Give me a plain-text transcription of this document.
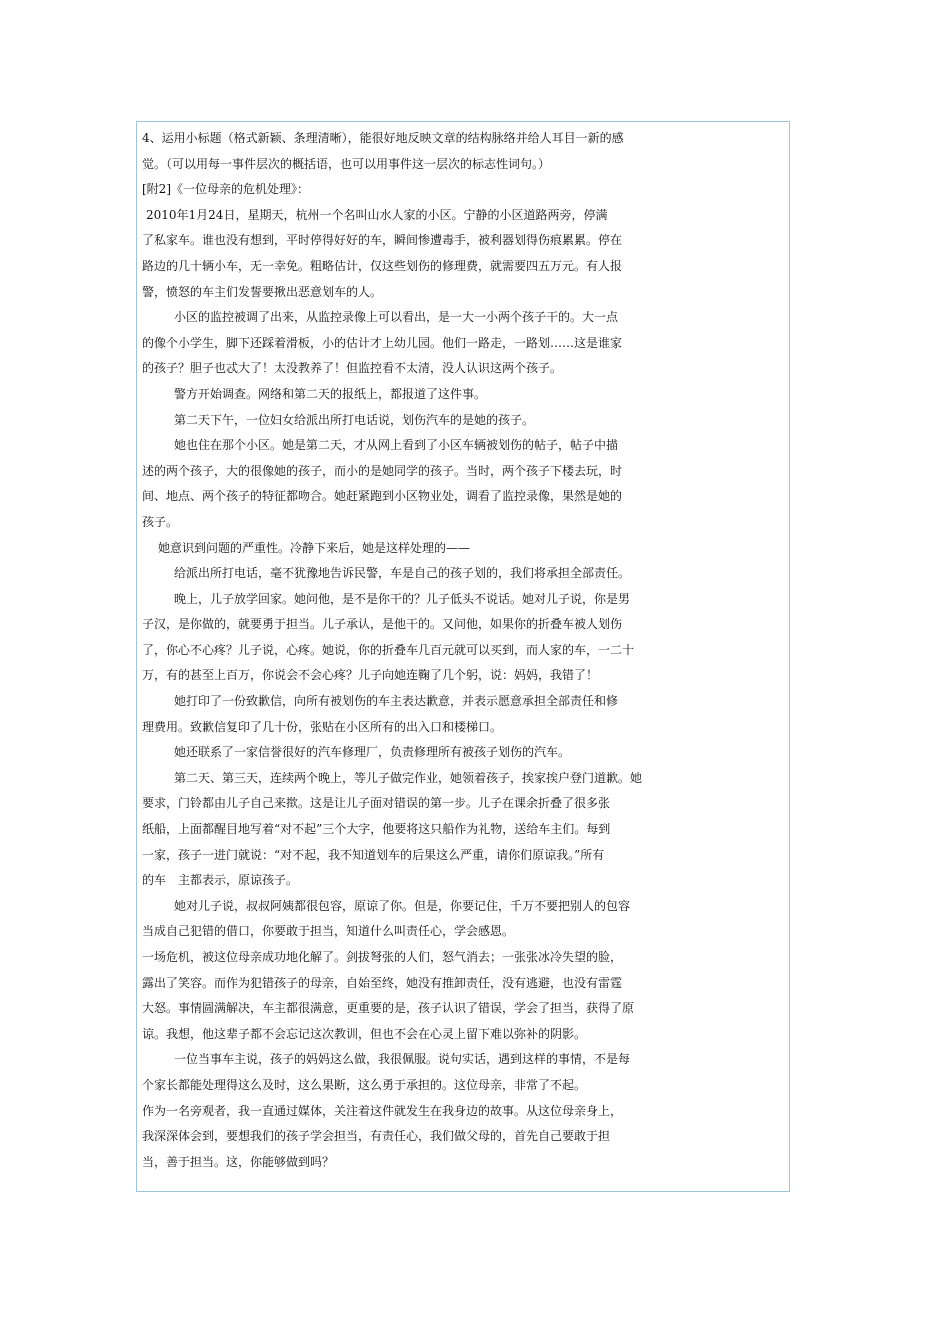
4、运用小标题（格式新颖、条理清晰），能很好地反映文章的结构脉络并给人耳目一新的感
觉。（可以用每一事件层次的概括语，也可以用事件这一层次的标志性词句。）
[附2]《一位母亲的危机处理》：
2010年1月24日，星期天，杭州一个名叫山水人家的小区。宁静的小区道路两旁，停满
了私家车。谁也没有想到，平时停得好好的车，瞬间惨遭毒手，被利器划得伤痕累累。停在
路边的几十辆小车，无一幸免。粗略估计，仅这些划伤的修理费，就需要四五万元。有人报
警，愤怒的车主们发誓要揪出恶意划车的人。
小区的监控被调了出来，从监控录像上可以看出，是一大一小两个孩子干的。大一点
的像个小学生，脚下还踩着滑板，小的估计才上幼儿园。他们一路走，一路划……这是谁家
的孩子？胆子也忒大了！太没教养了！但监控看不太清，没人认识这两个孩子。
警方开始调查。网络和第二天的报纸上，都报道了这件事。
第二天下午，一位妇女给派出所打电话说，划伤汽车的是她的孩子。
她也住在那个小区。她是第二天，才从网上看到了小区车辆被划伤的帖子，帖子中描
述的两个孩子，大的很像她的孩子，而小的是她同学的孩子。当时，两个孩子下楼去玩，时
间、地点、两个孩子的特征都吻合。她赶紧跑到小区物业处，调看了监控录像，果然是她的
孩子。
她意识到问题的严重性。冷静下来后，她是这样处理的——
给派出所打电话，毫不犹豫地告诉民警，车是自己的孩子划的，我们将承担全部责任。
晚上，儿子放学回家。她问他，是不是你干的？儿子低头不说话。她对儿子说，你是男
子汉，是你做的，就要勇于担当。儿子承认，是他干的。又问他，如果你的折叠车被人划伤
了，你心不心疼？儿子说，心疼。她说，你的折叠车几百元就可以买到，而人家的车，一二十
万，有的甚至上百万，你说会不会心疼？儿子向她连鞠了几个躬，说：妈妈，我错了！
她打印了一份致歉信，向所有被划伤的车主表达歉意，并表示愿意承担全部责任和修
理费用。致歉信复印了几十份，张贴在小区所有的出入口和楼梯口。
她还联系了一家信誉很好的汽车修理厂，负责修理所有被孩子划伤的汽车。
第二天、第三天，连续两个晚上，等儿子做完作业，她领着孩子，挨家挨户登门道歉。她
要求，门铃都由儿子自己来揿。这是让儿子面对错误的第一步。儿子在课余折叠了很多张
纸船，上面都醒目地写着“对不起”三个大字，他要将这只船作为礼物，送给车主们。每到
一家，孩子一进门就说：“对不起，我不知道划车的后果这么严重，请你们原谅我。”所有
的车　主都表示，原谅孩子。
她对儿子说，叔叔阿姨都很包容，原谅了你。但是，你要记住，千万不要把别人的包容
当成自己犯错的借口，你要敢于担当，知道什么叫责任心，学会感恩。
一场危机，被这位母亲成功地化解了。剑拔弩张的人们，怒气消去；一张张冰冷失望的脸，
露出了笑容。而作为犯错孩子的母亲，自始至终，她没有推卸责任，没有逃避，也没有雷霆
大怒。事情圆满解决，车主都很满意，更重要的是，孩子认识了错误，学会了担当，获得了原
谅。我想，他这辈子都不会忘记这次教训，但也不会在心灵上留下难以弥补的阴影。
一位当事车主说，孩子的妈妈这么做，我很佩服。说句实话，遇到这样的事情，不是每
个家长都能处理得这么及时，这么果断，这么勇于承担的。这位母亲，非常了不起。
作为一名旁观者，我一直通过媒体，关注着这件就发生在我身边的故事。从这位母亲身上，
我深深体会到，要想我们的孩子学会担当，有责任心，我们做父母的，首先自己要敢于担
当，善于担当。这，你能够做到吗？
